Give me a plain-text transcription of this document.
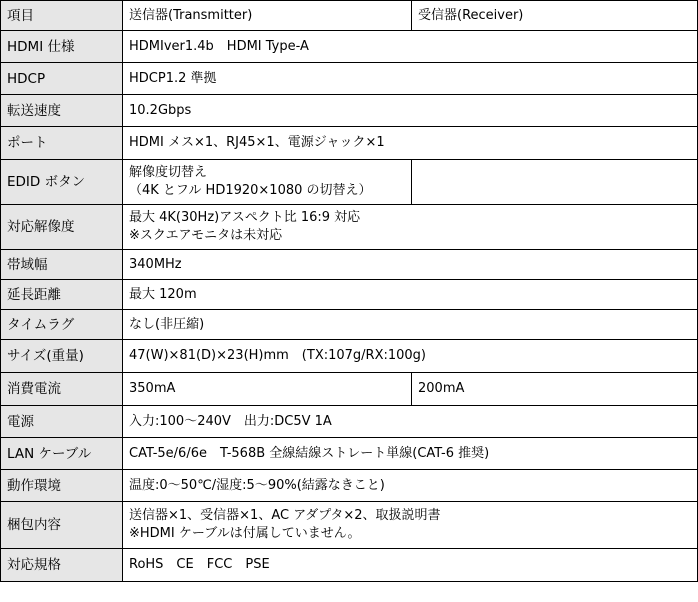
項目	送信器(Transmitter)	受信器(Receiver)
HDMI 仕様	HDMIver1.4b　HDMI Type-A	

HDCP	HDCP1.2 準拠	

転送速度	10.2Gbps	

ポート	HDMI メス×1、RJ45×1、電源ジャック×1	

EDID ボタン	解像度切替え
（4K とフル HD1920×1080 の切替え）	

対応解像度	最大 4K(30Hz)アスペクト比 16:9 対応
※スクエアモニタは未対応	

帯域幅	340MHz	

延長距離	最大 120m	

タイムラグ	なし(非圧縮)	

サイズ(重量)	47(W)×81(D)×23(H)mm　(TX:107g/RX:100g)	

消費電流	350mA	200mA
電源	入力:100～240V　出力:DC5V 1A	

LAN ケーブル	CAT-5e/6/6e　T-568B 全線結線ストレート単線(CAT-6 推奨)	

動作環境	温度:0～50℃/湿度:5～90%(結露なきこと)	

梱包内容	送信器×1、受信器×1、AC アダプタ×2、取扱説明書
※HDMI ケーブルは付属していません。	

対応規格	RoHS　CE　FCC　PSE	
